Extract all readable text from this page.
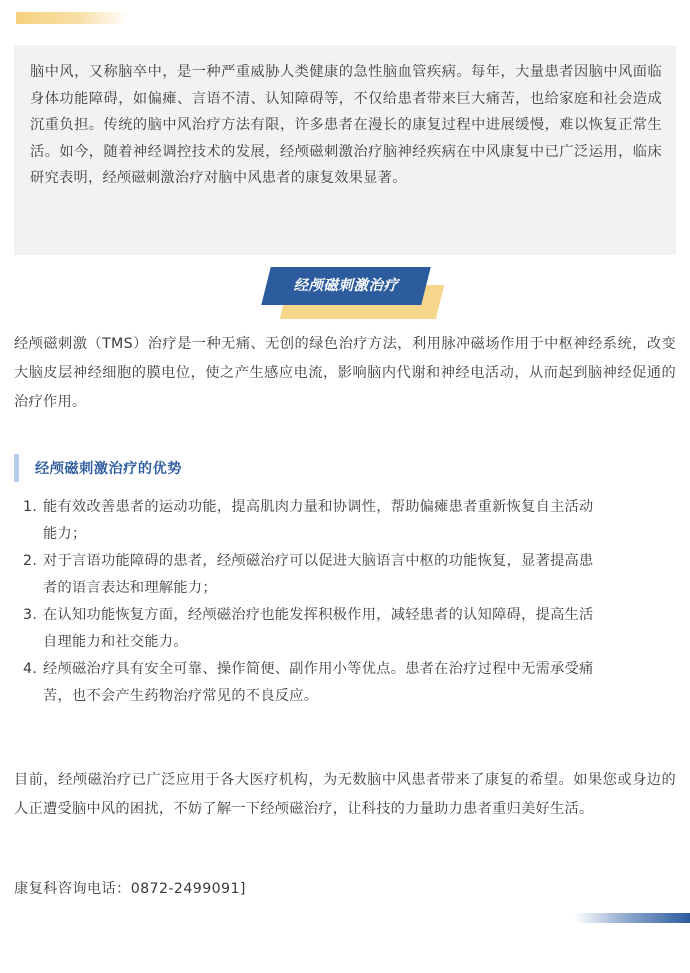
脑中风，又称脑卒中，是一种严重威胁人类健康的急性脑血管疾病。每年，大量患者因脑中风面临身体功能障碍，如偏瘫、言语不清、认知障碍等，不仅给患者带来巨大痛苦，也给家庭和社会造成沉重负担。传统的脑中风治疗方法有限，许多患者在漫长的康复过程中进展缓慢，难以恢复正常生活。如今，随着神经调控技术的发展，经颅磁刺激治疗脑神经疾病在中风康复中已广泛运用，临床研究表明，经颅磁刺激治疗对脑中风患者的康复效果显著。

经颅磁刺激治疗

经颅磁刺激（TMS）治疗是一种无痛、无创的绿色治疗方法，利用脉冲磁场作用于中枢神经系统，改变大脑皮层神经细胞的膜电位，使之产生感应电流，影响脑内代谢和神经电活动，从而起到脑神经促通的治疗作用。

经颅磁刺激治疗的优势
1. 能有效改善患者的运动功能，提高肌肉力量和协调性，帮助偏瘫患者重新恢复自主活动能力；
2. 对于言语功能障碍的患者，经颅磁治疗可以促进大脑语言中枢的功能恢复，显著提高患者的语言表达和理解能力；
3. 在认知功能恢复方面，经颅磁治疗也能发挥积极作用，减轻患者的认知障碍，提高生活自理能力和社交能力。
4. 经颅磁治疗具有安全可靠、操作简便、副作用小等优点。患者在治疗过程中无需承受痛苦，也不会产生药物治疗常见的不良反应。

目前，经颅磁治疗已广泛应用于各大医疗机构，为无数脑中风患者带来了康复的希望。如果您或身边的人正遭受脑中风的困扰，不妨了解一下经颅磁治疗，让科技的力量助力患者重归美好生活。

康复科咨询电话：0872-2499091]
